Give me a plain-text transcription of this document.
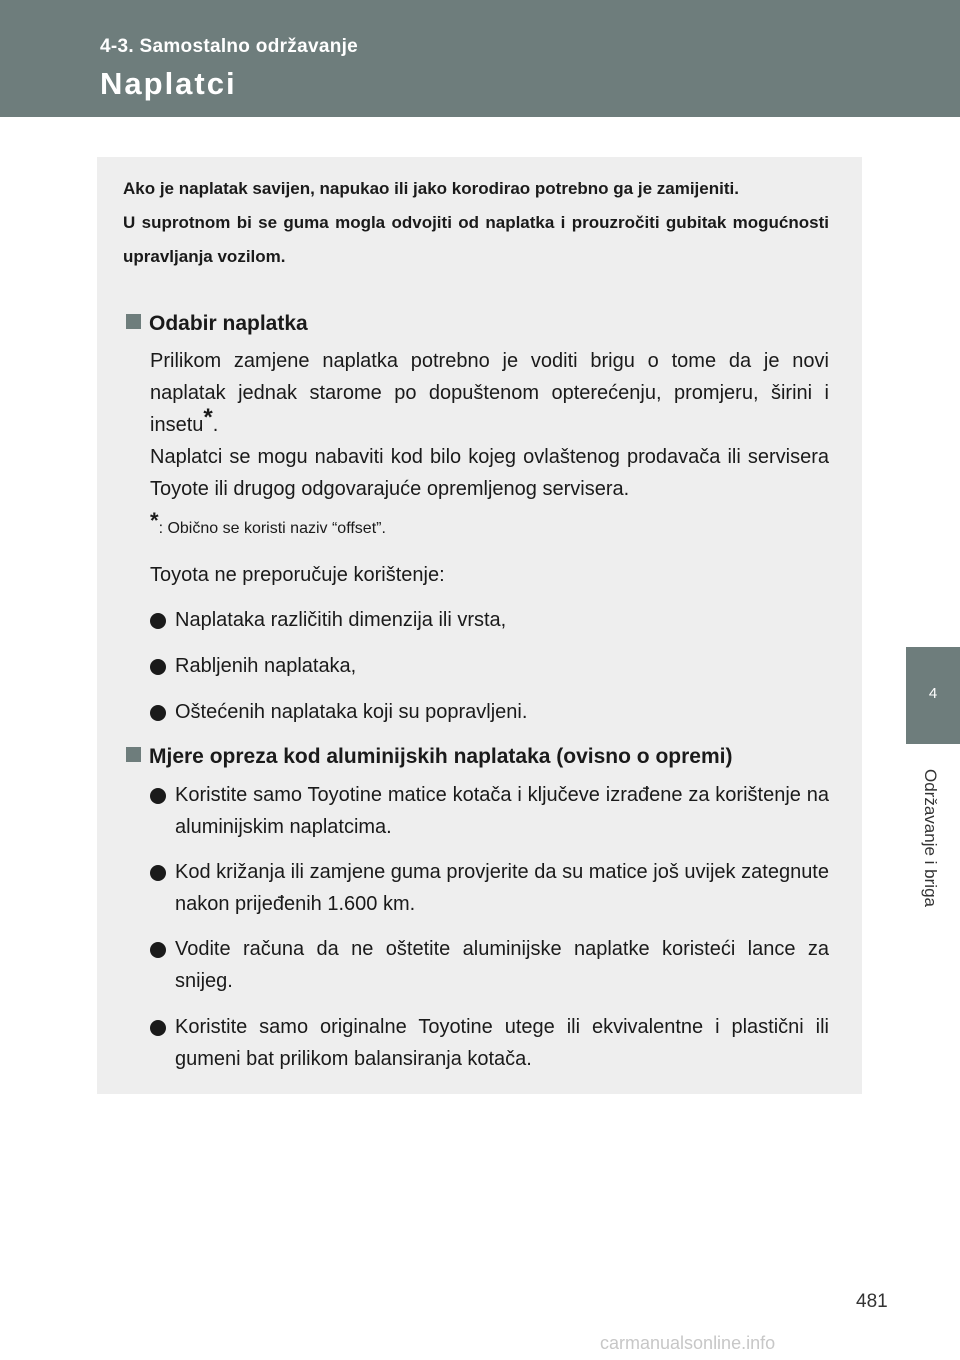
4-3. Samostalno održavanje
Naplatci
4
Održavanje i briga

Ako je naplatak savijen, napukao ili jako korodirao potrebno ga je zamijeniti.

U suprotnom bi se guma mogla odvojiti od naplatka i prouzročiti gubitak mogućnosti upravljanja vozilom.

Odabir naplatka

Prilikom zamjene naplatka potrebno je voditi brigu o tome da je novi naplatak jednak starome po dopuštenom opterećenju, promjeru, širini i insetu*.

Naplatci se mogu nabaviti kod bilo kojeg ovlaštenog prodavača ili servisera Toyote ili drugog odgovarajuće opremljenog servisera.

*: Obično se koristi naziv “offset”.
Toyota ne preporučuje korištenje:
Naplataka različitih dimenzija ili vrsta,
Rabljenih naplataka,
Oštećenih naplataka koji su popravljeni.
Mjere opreza kod aluminijskih naplataka (ovisno o opremi)
Koristite samo Toyotine matice kotača i ključeve izrađene za korištenje na aluminijskim naplatcima.
Kod križanja ili zamjene guma provjerite da su matice još uvijek zategnute nakon prijeđenih 1.600 km.
Vodite računa da ne oštetite aluminijske naplatke koristeći lance za snijeg.
Koristite samo originalne Toyotine utege ili ekvivalentne i plastični ili gumeni bat prilikom balansiranja kotača.
481
carmanualsonline.info
